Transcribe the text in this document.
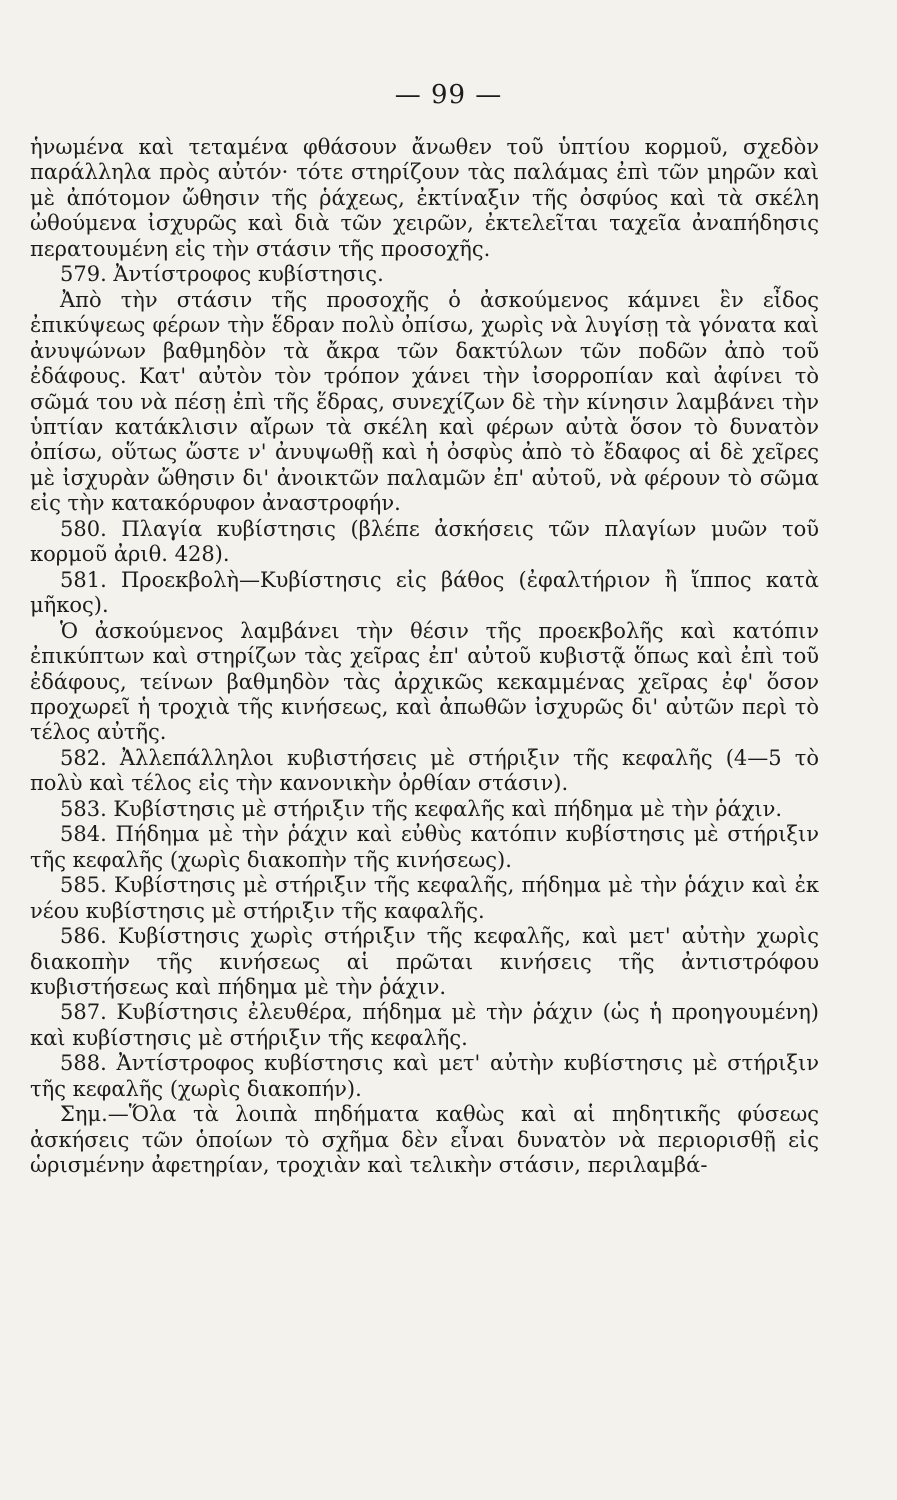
— 99 —

ἡνωμένα καὶ τεταμένα φθάσουν ἄνωθεν τοῦ ὑπτίου κορμοῦ, σχεδὸν παράλληλα πρὸς αὐτόν· τότε στηρίζουν τὰς παλάμας ἐπὶ τῶν μηρῶν καὶ μὲ ἀπότομον ὤθησιν τῆς ῥάχεως, ἐκτίναξιν τῆς ὀσφύος καὶ τὰ σκέλη ὠθούμενα ἰσχυρῶς καὶ διὰ τῶν χειρῶν, ἐκτελεῖται ταχεῖα ἀναπήδησις περατουμένη εἰς τὴν στάσιν τῆς προσοχῆς.

579. Ἀντίστροφος κυβίστησις.

Ἀπὸ τὴν στάσιν τῆς προσοχῆς ὁ ἀσκούμενος κάμνει ἓν εἶδος ἐπικύψεως φέρων τὴν ἕδραν πολὺ ὀπίσω, χωρὶς νὰ λυγίσῃ τὰ γόνατα καὶ ἀνυψώνων βαθμηδὸν τὰ ἄκρα τῶν δακτύλων τῶν ποδῶν ἀπὸ τοῦ ἐδάφους. Κατ' αὐτὸν τὸν τρόπον χάνει τὴν ἰσορροπίαν καὶ ἀφίνει τὸ σῶμά του νὰ πέσῃ ἐπὶ τῆς ἕδρας, συνεχίζων δὲ τὴν κίνησιν λαμβάνει τὴν ὑπτίαν κατάκλισιν αἴρων τὰ σκέλη καὶ φέρων αὐτὰ ὅσον τὸ δυνατὸν ὀπίσω, οὕτως ὥστε ν' ἀνυψωθῇ καὶ ἡ ὀσφὺς ἀπὸ τὸ ἔδαφος αἱ δὲ χεῖρες μὲ ἰσχυρὰν ὤθησιν δι' ἀνοικτῶν παλαμῶν ἐπ' αὐτοῦ, νὰ φέρουν τὸ σῶμα εἰς τὴν κατακόρυφον ἀναστροφήν.

580. Πλαγία κυβίστησις (βλέπε ἀσκήσεις τῶν πλαγίων μυῶν τοῦ κορμοῦ ἀριθ. 428).

581. Προεκβολὴ—Κυβίστησις εἰς βάθος (ἐφαλτήριον ἢ ἵππος κατὰ μῆκος).

Ὁ ἀσκούμενος λαμβάνει τὴν θέσιν τῆς προεκβολῆς καὶ κατόπιν ἐπικύπτων καὶ στηρίζων τὰς χεῖρας ἐπ' αὐτοῦ κυβιστᾷ ὅπως καὶ ἐπὶ τοῦ ἐδάφους, τείνων βαθμηδὸν τὰς ἀρχικῶς κεκαμμένας χεῖρας ἐφ' ὅσον προχωρεῖ ἡ τροχιὰ τῆς κινήσεως, καὶ ἀπωθῶν ἰσχυρῶς δι' αὐτῶν περὶ τὸ τέλος αὐτῆς.

582. Ἀλλεπάλληλοι κυβιστήσεις μὲ στήριξιν τῆς κεφαλῆς (4—5 τὸ πολὺ καὶ τέλος εἰς τὴν κανονικὴν ὀρθίαν στάσιν).

583. Κυβίστησις μὲ στήριξιν τῆς κεφαλῆς καὶ πήδημα μὲ τὴν ῥάχιν.

584. Πήδημα μὲ τὴν ῥάχιν καὶ εὐθὺς κατόπιν κυβίστησις μὲ στήριξιν τῆς κεφαλῆς (χωρὶς διακοπὴν τῆς κινήσεως).

585. Κυβίστησις μὲ στήριξιν τῆς κεφαλῆς, πήδημα μὲ τὴν ῥάχιν καὶ ἐκ νέου κυβίστησις μὲ στήριξιν τῆς καφαλῆς.

586. Κυβίστησις χωρὶς στήριξιν τῆς κεφαλῆς, καὶ μετ' αὐτὴν χωρὶς διακοπὴν τῆς κινήσεως αἱ πρῶται κινήσεις τῆς ἀντιστρόφου κυβιστήσεως καὶ πήδημα μὲ τὴν ῥάχιν.

587. Κυβίστησις ἐλευθέρα, πήδημα μὲ τὴν ῥάχιν (ὡς ἡ προηγουμένη) καὶ κυβίστησις μὲ στήριξιν τῆς κεφαλῆς.

588. Ἀντίστροφος κυβίστησις καὶ μετ' αὐτὴν κυβίστησις μὲ στήριξιν τῆς κεφαλῆς (χωρὶς διακοπήν).

Σημ.—Ὅλα τὰ λοιπὰ πηδήματα καθὼς καὶ αἱ πηδητικῆς φύσεως ἀσκήσεις τῶν ὁποίων τὸ σχῆμα δὲν εἶναι δυνατὸν νὰ περιορισθῇ εἰς ὡρισμένην ἀφετηρίαν, τροχιὰν καὶ τελικὴν στάσιν, περιλαμβά-
